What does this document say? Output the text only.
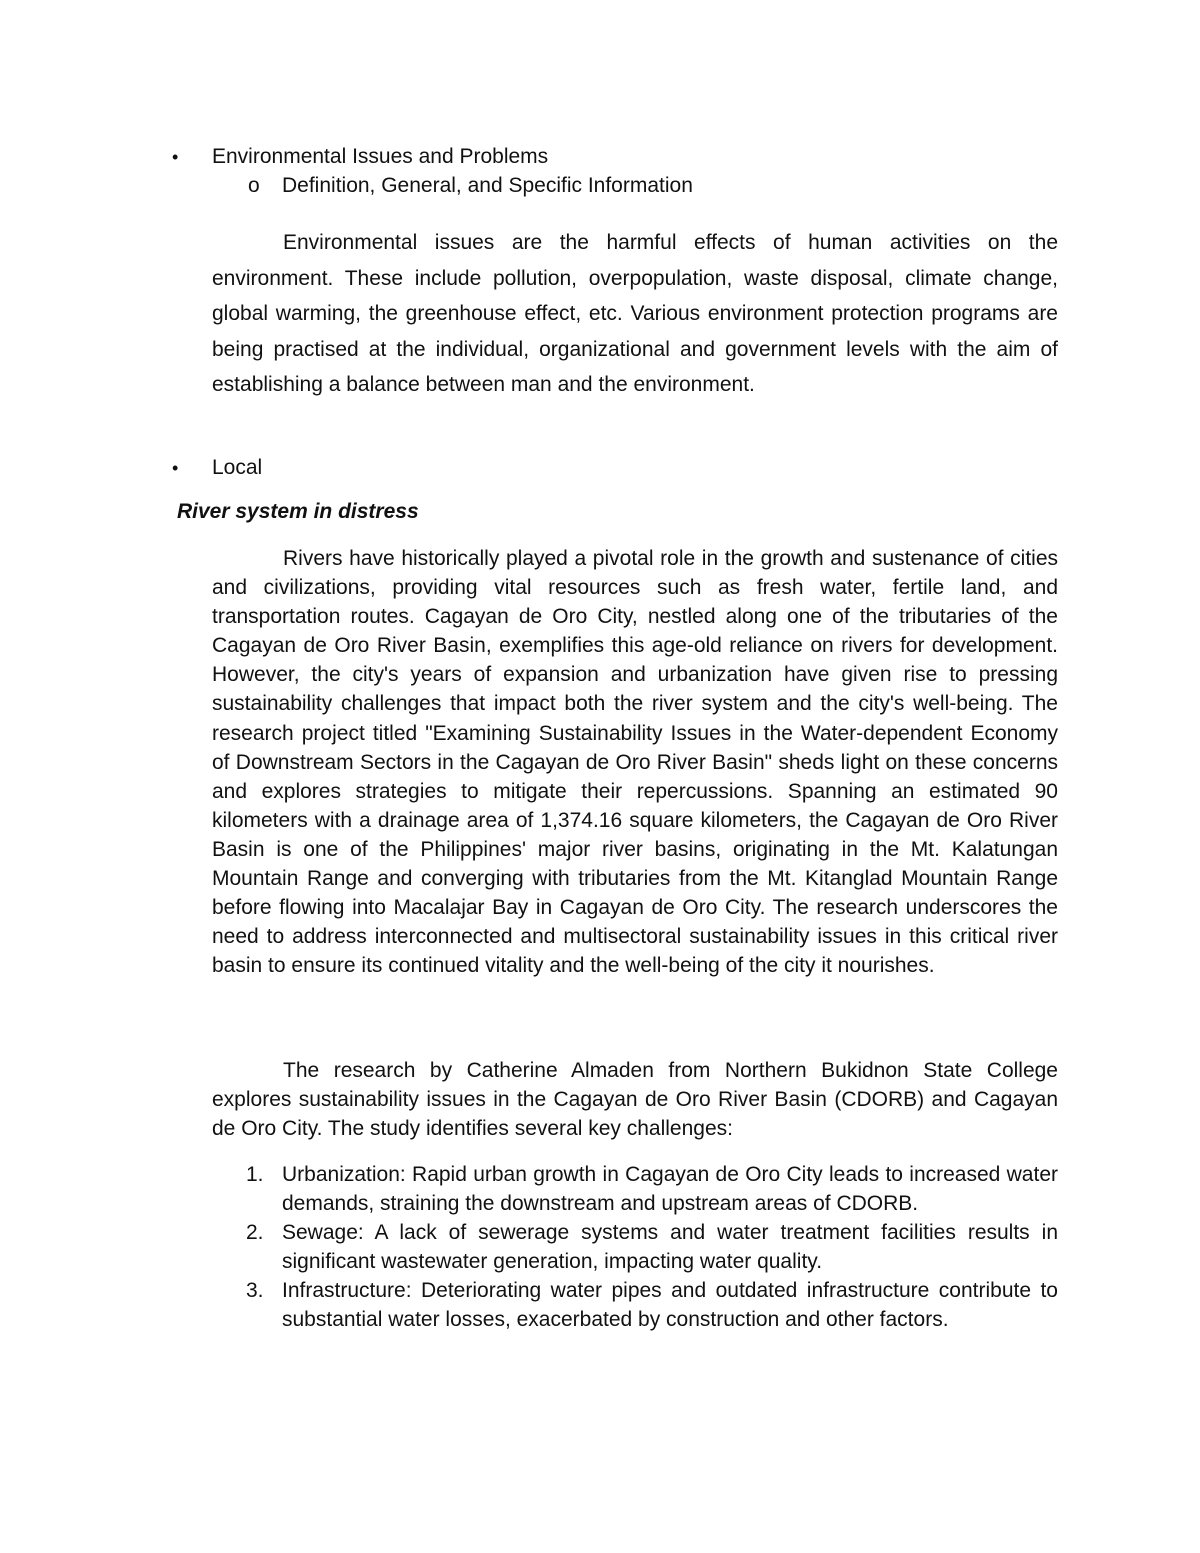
•	Environmental Issues and Problems
o	Definition, General, and Specific Information

Environmental issues are the harmful effects of human activities on the environment. These include pollution, overpopulation, waste disposal, climate change, global warming, the greenhouse effect, etc. Various environment protection programs are being practised at the individual, organizational and government levels with the aim of establishing a balance between man and the environment.

•	Local
River system in distress

Rivers have historically played a pivotal role in the growth and sustenance of cities and civilizations, providing vital resources such as fresh water, fertile land, and transportation routes. Cagayan de Oro City, nestled along one of the tributaries of the Cagayan de Oro River Basin, exemplifies this age-old reliance on rivers for development. However, the city's years of expansion and urbanization have given rise to pressing sustainability challenges that impact both the river system and the city's well-being. The research project titled "Examining Sustainability Issues in the Water-dependent Economy of Downstream Sectors in the Cagayan de Oro River Basin" sheds light on these concerns and explores strategies to mitigate their repercussions. Spanning an estimated 90 kilometers with a drainage area of 1,374.16 square kilometers, the Cagayan de Oro River Basin is one of the Philippines' major river basins, originating in the Mt. Kalatungan Mountain Range and converging with tributaries from the Mt. Kitanglad Mountain Range before flowing into Macalajar Bay in Cagayan de Oro City. The research underscores the need to address interconnected and multisectoral sustainability issues in this critical river basin to ensure its continued vitality and the well-being of the city it nourishes.

The research by Catherine Almaden from Northern Bukidnon State College explores sustainability issues in the Cagayan de Oro River Basin (CDORB) and Cagayan de Oro City. The study identifies several key challenges:

1. Urbanization: Rapid urban growth in Cagayan de Oro City leads to increased water demands, straining the downstream and upstream areas of CDORB.
2. Sewage: A lack of sewerage systems and water treatment facilities results in significant wastewater generation, impacting water quality.
3. Infrastructure: Deteriorating water pipes and outdated infrastructure contribute to substantial water losses, exacerbated by construction and other factors.
